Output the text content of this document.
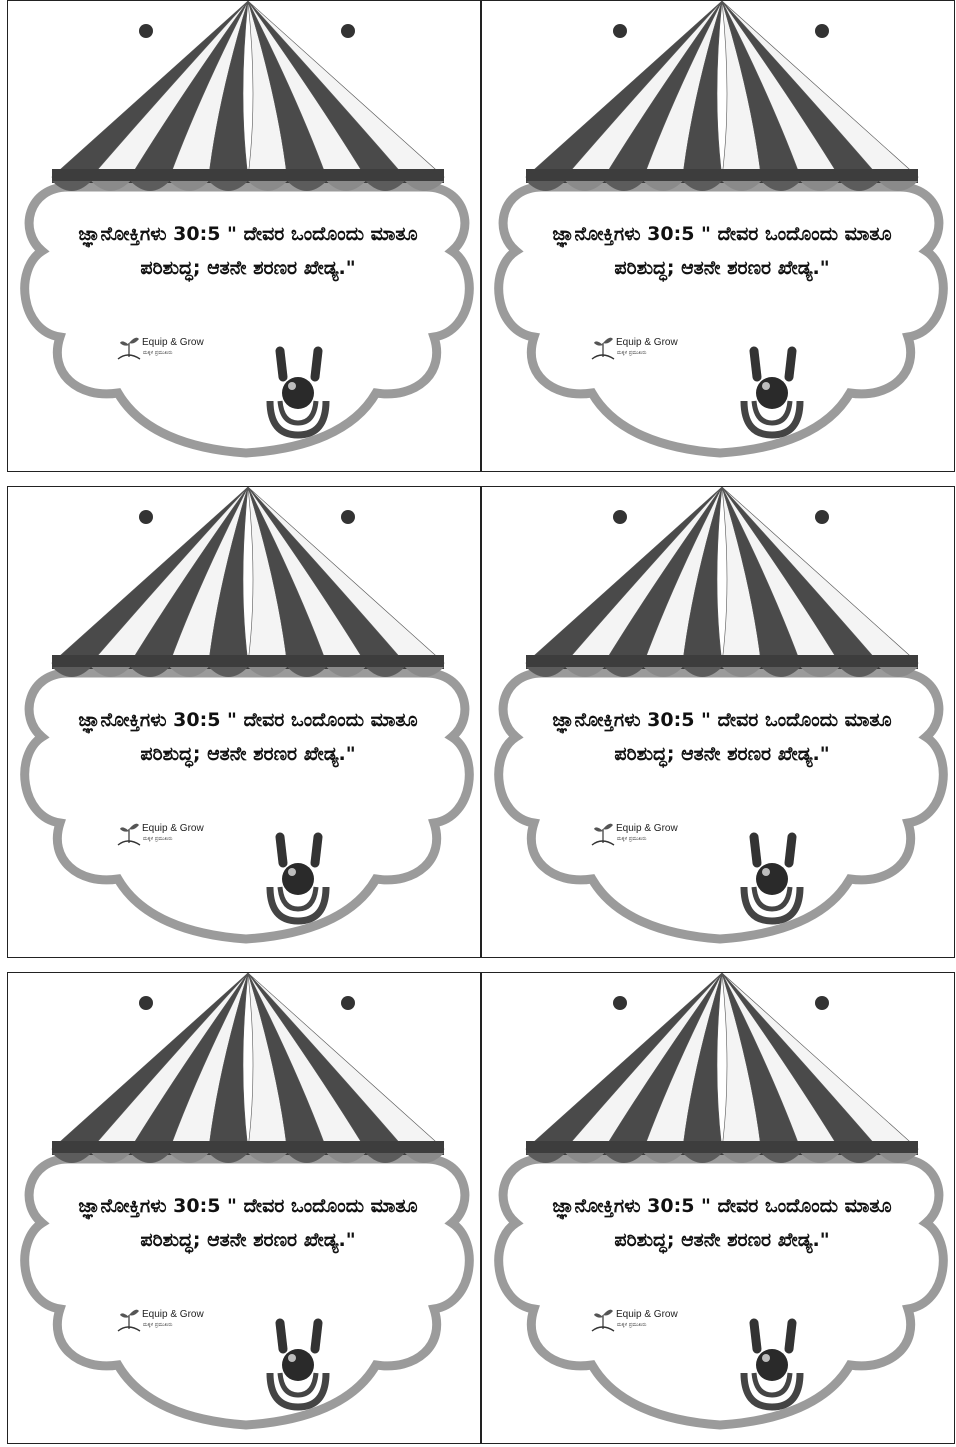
ಜ್ಞಾನೋಕ್ತಿಗಳು 30:5 " ದೇವರ ಒಂದೊಂದು ಮಾತೂ ಪರಿಶುದ್ಧ; ಆತನೇ ಶರಣರ ಖೇಡ್ಯ."
Equip & Grow
ಮಕ್ಕಳ ಪ್ರಮುಖರು
ಜ್ಞಾನೋಕ್ತಿಗಳು 30:5 " ದೇವರ ಒಂದೊಂದು ಮಾತೂ ಪರಿಶುದ್ಧ; ಆತನೇ ಶರಣರ ಖೇಡ್ಯ."
Equip & Grow
ಮಕ್ಕಳ ಪ್ರಮುಖರು
ಜ್ಞಾನೋಕ್ತಿಗಳು 30:5 " ದೇವರ ಒಂದೊಂದು ಮಾತೂ ಪರಿಶುದ್ಧ; ಆತನೇ ಶರಣರ ಖೇಡ್ಯ."
Equip & Grow
ಮಕ್ಕಳ ಪ್ರಮುಖರು
ಜ್ಞಾನೋಕ್ತಿಗಳು 30:5 " ದೇವರ ಒಂದೊಂದು ಮಾತೂ ಪರಿಶುದ್ಧ; ಆತನೇ ಶರಣರ ಖೇಡ್ಯ."
Equip & Grow
ಮಕ್ಕಳ ಪ್ರಮುಖರು
ಜ್ಞಾನೋಕ್ತಿಗಳು 30:5 " ದೇವರ ಒಂದೊಂದು ಮಾತೂ ಪರಿಶುದ್ಧ; ಆತನೇ ಶರಣರ ಖೇಡ್ಯ."
Equip & Grow
ಮಕ್ಕಳ ಪ್ರಮುಖರು
ಜ್ಞಾನೋಕ್ತಿಗಳು 30:5 " ದೇವರ ಒಂದೊಂದು ಮಾತೂ ಪರಿಶುದ್ಧ; ಆತನೇ ಶರಣರ ಖೇಡ್ಯ."
Equip & Grow
ಮಕ್ಕಳ ಪ್ರಮುಖರು
